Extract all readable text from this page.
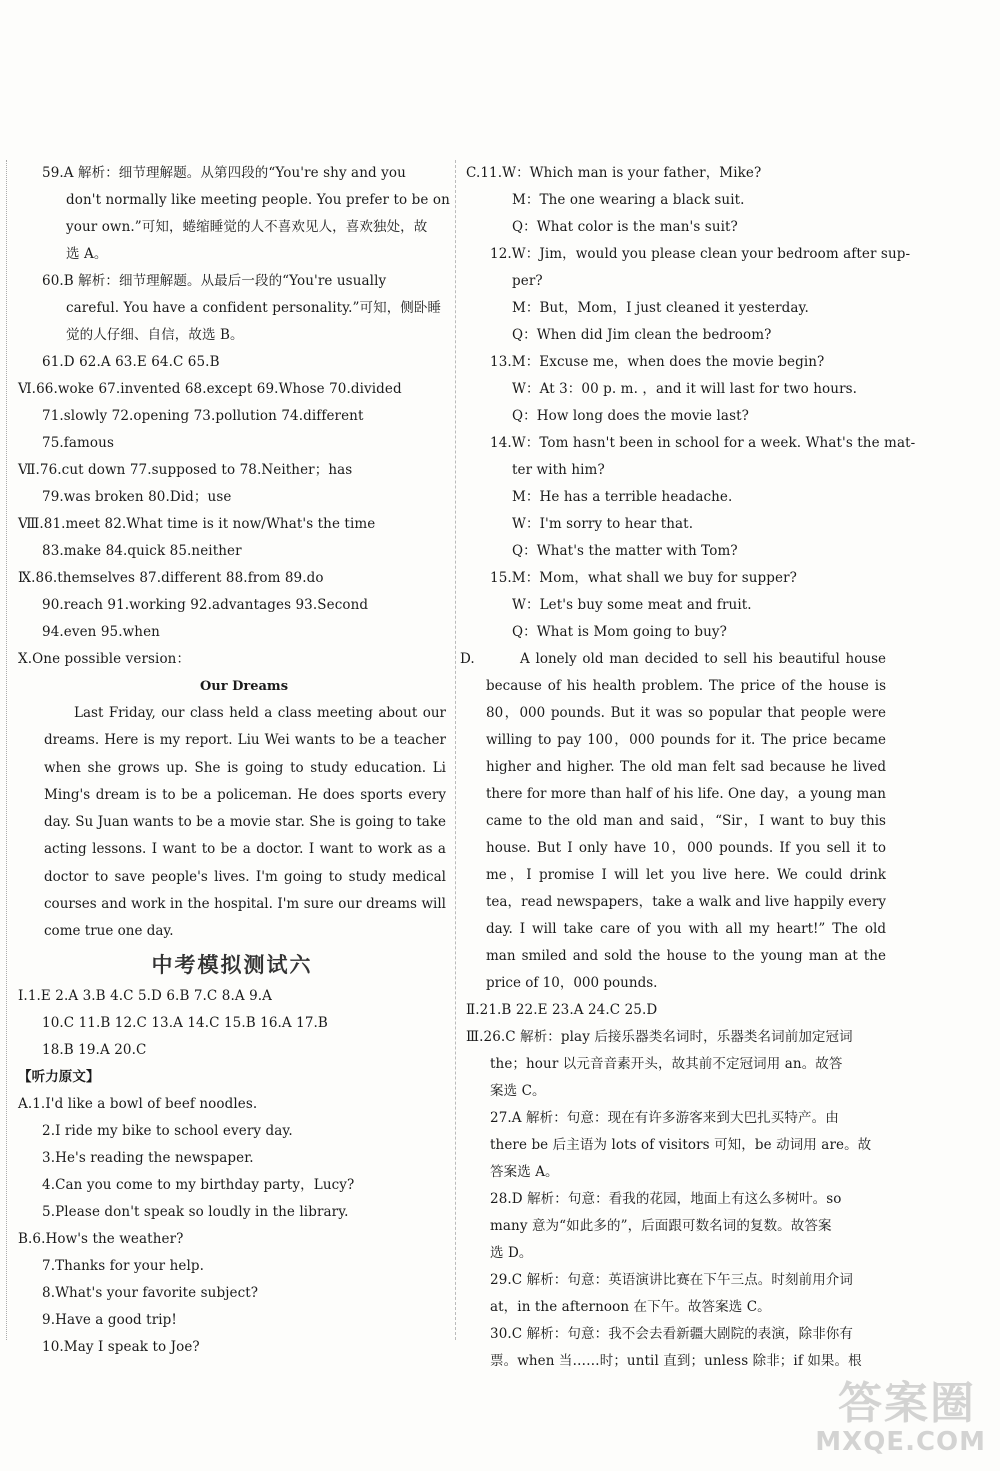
59.A 解析：细节理解题。从第四段的“You're shy and you
don't normally like meeting people. You prefer to be on
your own.”可知，蜷缩睡觉的人不喜欢见人，喜欢独处，故
选 A。
60.B 解析：细节理解题。从最后一段的“You're usually
careful. You have a confident personality.”可知，侧卧睡
觉的人仔细、自信，故选 B。
61.D 62.A 63.E 64.C 65.B
Ⅵ.66.woke 67.invented 68.except 69.Whose 70.divided
71.slowly 72.opening 73.pollution 74.different
75.famous
Ⅶ.76.cut down 77.supposed to 78.Neither；has
79.was broken 80.Did；use
Ⅷ.81.meet 82.What time is it now/What's the time
83.make 84.quick 85.neither
Ⅸ.86.themselves 87.different 88.from 89.do
90.reach 91.working 92.advantages 93.Second
94.even 95.when
Ⅹ.One possible version：
Our Dreams
Last Friday, our class held a class meeting about our dreams. Here is my report. Liu Wei wants to be a teacher when she grows up. She is going to study education. Li Ming's dream is to be a policeman. He does sports every day. Su Juan wants to be a movie star. She is going to take acting lessons. I want to be a doctor. I want to work as a doctor to save people's lives. I'm going to study medical courses and work in the hospital. I'm sure our dreams will come true one day.
中考模拟测试六
Ⅰ.1.E 2.A 3.B 4.C 5.D 6.B 7.C 8.A 9.A
10.C 11.B 12.C 13.A 14.C 15.B 16.A 17.B
18.B 19.A 20.C
【听力原文】
A.1.I'd like a bowl of beef noodles.
2.I ride my bike to school every day.
3.He's reading the newspaper.
4.Can you come to my birthday party，Lucy?
5.Please don't speak so loudly in the library.
B.6.How's the weather?
7.Thanks for your help.
8.What's your favorite subject?
9.Have a good trip!
10.May I speak to Joe?
C.11.W：Which man is your father，Mike?
M：The one wearing a black suit.
Q：What color is the man's suit?
12.W：Jim，would you please clean your bedroom after sup-
per?
M：But，Mom，I just cleaned it yesterday.
Q：When did Jim clean the bedroom?
13.M：Excuse me，when does the movie begin?
W：At 3：00 p. m. ，and it will last for two hours.
Q：How long does the movie last?
14.W：Tom hasn't been in school for a week. What's the mat-
ter with him?
M：He has a terrible headache.
W：I'm sorry to hear that.
Q：What's the matter with Tom?
15.M：Mom，what shall we buy for supper?
W：Let's buy some meat and fruit.
Q：What is Mom going to buy?
D.	A lonely old man decided to sell his beautiful house because of his health problem. The price of the house is 80，000 pounds. But it was so popular that people were willing to pay 100，000 pounds for it. The price became higher and higher. The old man felt sad because he lived there for more than half of his life. One day，a young man came to the old man and said，“Sir，I want to buy this house. But I only have 10，000 pounds. If you sell it to me，I promise I will let you live here. We could drink tea，read newspapers，take a walk and live happily every day. I will take care of you with all my heart!” The old man smiled and sold the house to the young man at the price of 10，000 pounds.
Ⅱ.21.B 22.E 23.A 24.C 25.D
Ⅲ.26.C 解析：play 后接乐器类名词时，乐器类名词前加定冠词
the；hour 以元音音素开头，故其前不定冠词用 an。故答
案选 C。
27.A 解析：句意：现在有许多游客来到大巴扎买特产。由
there be 后主语为 lots of visitors 可知，be 动词用 are。故
答案选 A。
28.D 解析：句意：看我的花园，地面上有这么多树叶。so
many 意为“如此多的”，后面跟可数名词的复数。故答案
选 D。
29.C 解析：句意：英语演讲比赛在下午三点。时刻前用介词
at，in the afternoon 在下午。故答案选 C。
30.C 解析：句意：我不会去看新疆大剧院的表演，除非你有
票。when 当……时；until 直到；unless 除非；if 如果。根
答案圈
MXQE.COM
